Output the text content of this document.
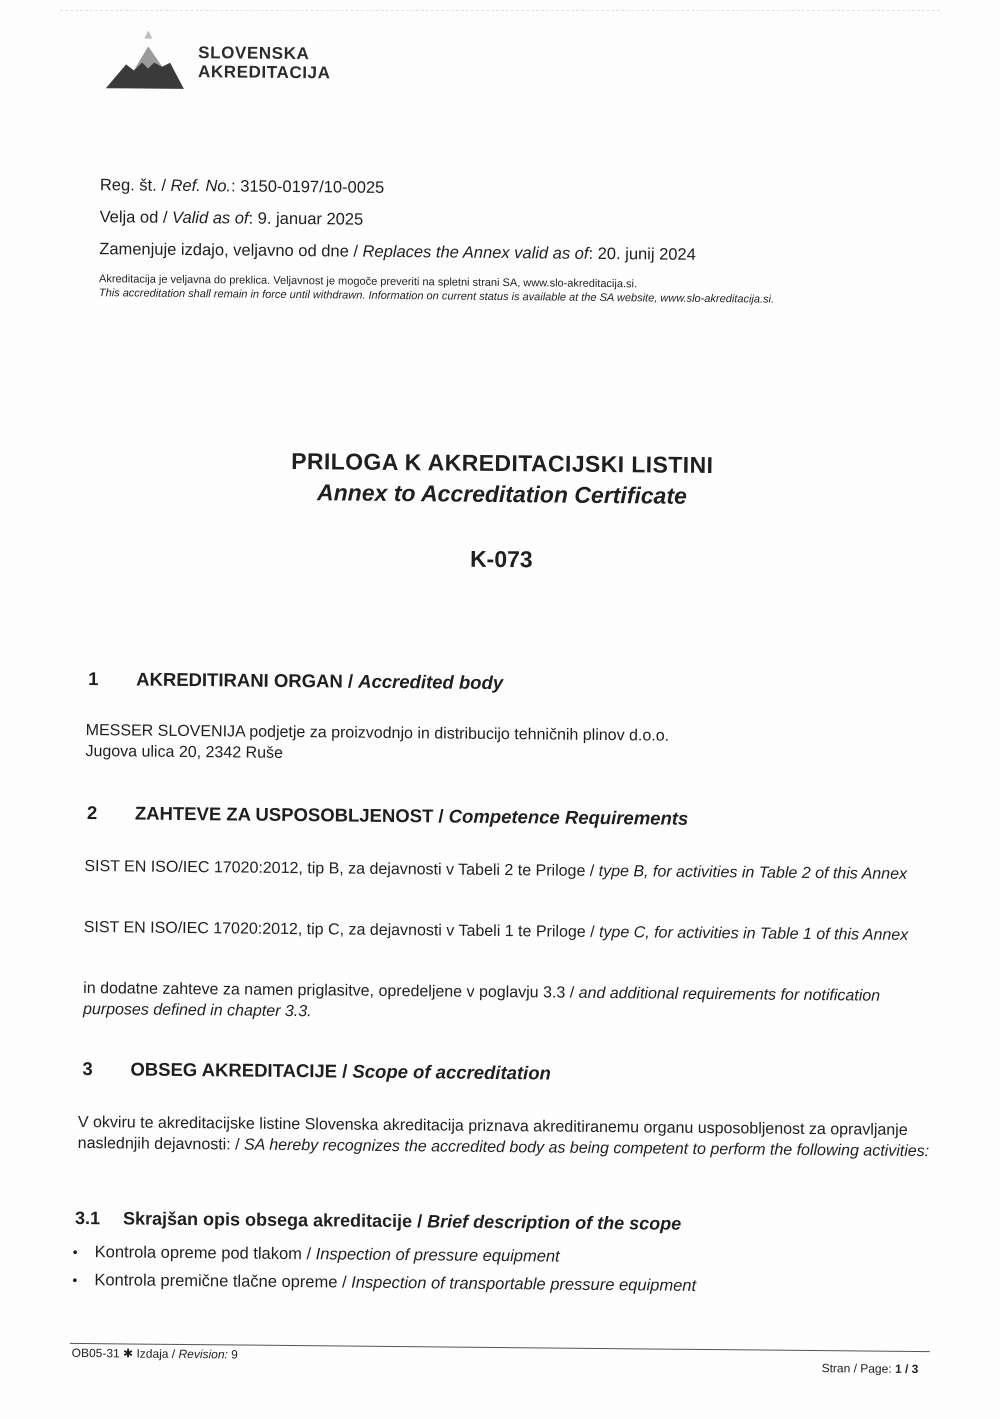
SLOVENSKA
AKREDITACIJA
Reg. št. / Ref. No.: 3150-0197/10-0025
Velja od / Valid as of: 9. januar 2025
Zamenjuje izdajo, veljavno od dne / Replaces the Annex valid as of: 20. junij 2024
Akreditacija je veljavna do preklica. Veljavnost je mogoče preveriti na spletni strani SA, www.slo-akreditacija.si.
This accreditation shall remain in force until withdrawn. Information on current status is available at the SA website, www.slo-akreditacija.si.
PRILOGA K AKREDITACIJSKI LISTINI
Annex to Accreditation Certificate
K-073
1 AKREDITIRANI ORGAN / Accredited body
MESSER SLOVENIJA podjetje za proizvodnjo in distribucijo tehničnih plinov d.o.o.
Jugova ulica 20, 2342 Ruše
2 ZAHTEVE ZA USPOSOBLJENOST / Competence Requirements
SIST EN ISO/IEC 17020:2012, tip B, za dejavnosti v Tabeli 2 te Priloge / type B, for activities in Table 2 of this Annex
SIST EN ISO/IEC 17020:2012, tip C, za dejavnosti v Tabeli 1 te Priloge / type C, for activities in Table 1 of this Annex
in dodatne zahteve za namen priglasitve, opredeljene v poglavju 3.3 / and additional requirements for notification purposes defined in chapter 3.3.
3 OBSEG AKREDITACIJE / Scope of accreditation
V okviru te akreditacijske listine Slovenska akreditacija priznava akreditiranemu organu usposobljenost za opravljanje naslednjih dejavnosti: / SA hereby recognizes the accredited body as being competent to perform the following activities:
3.1 Skrajšan opis obsega akreditacije / Brief description of the scope
• Kontrola opreme pod tlakom / Inspection of pressure equipment
• Kontrola premične tlačne opreme / Inspection of transportable pressure equipment
OB05-31 ✱ Izdaja / Revision: 9
Stran / Page: 1 / 3
